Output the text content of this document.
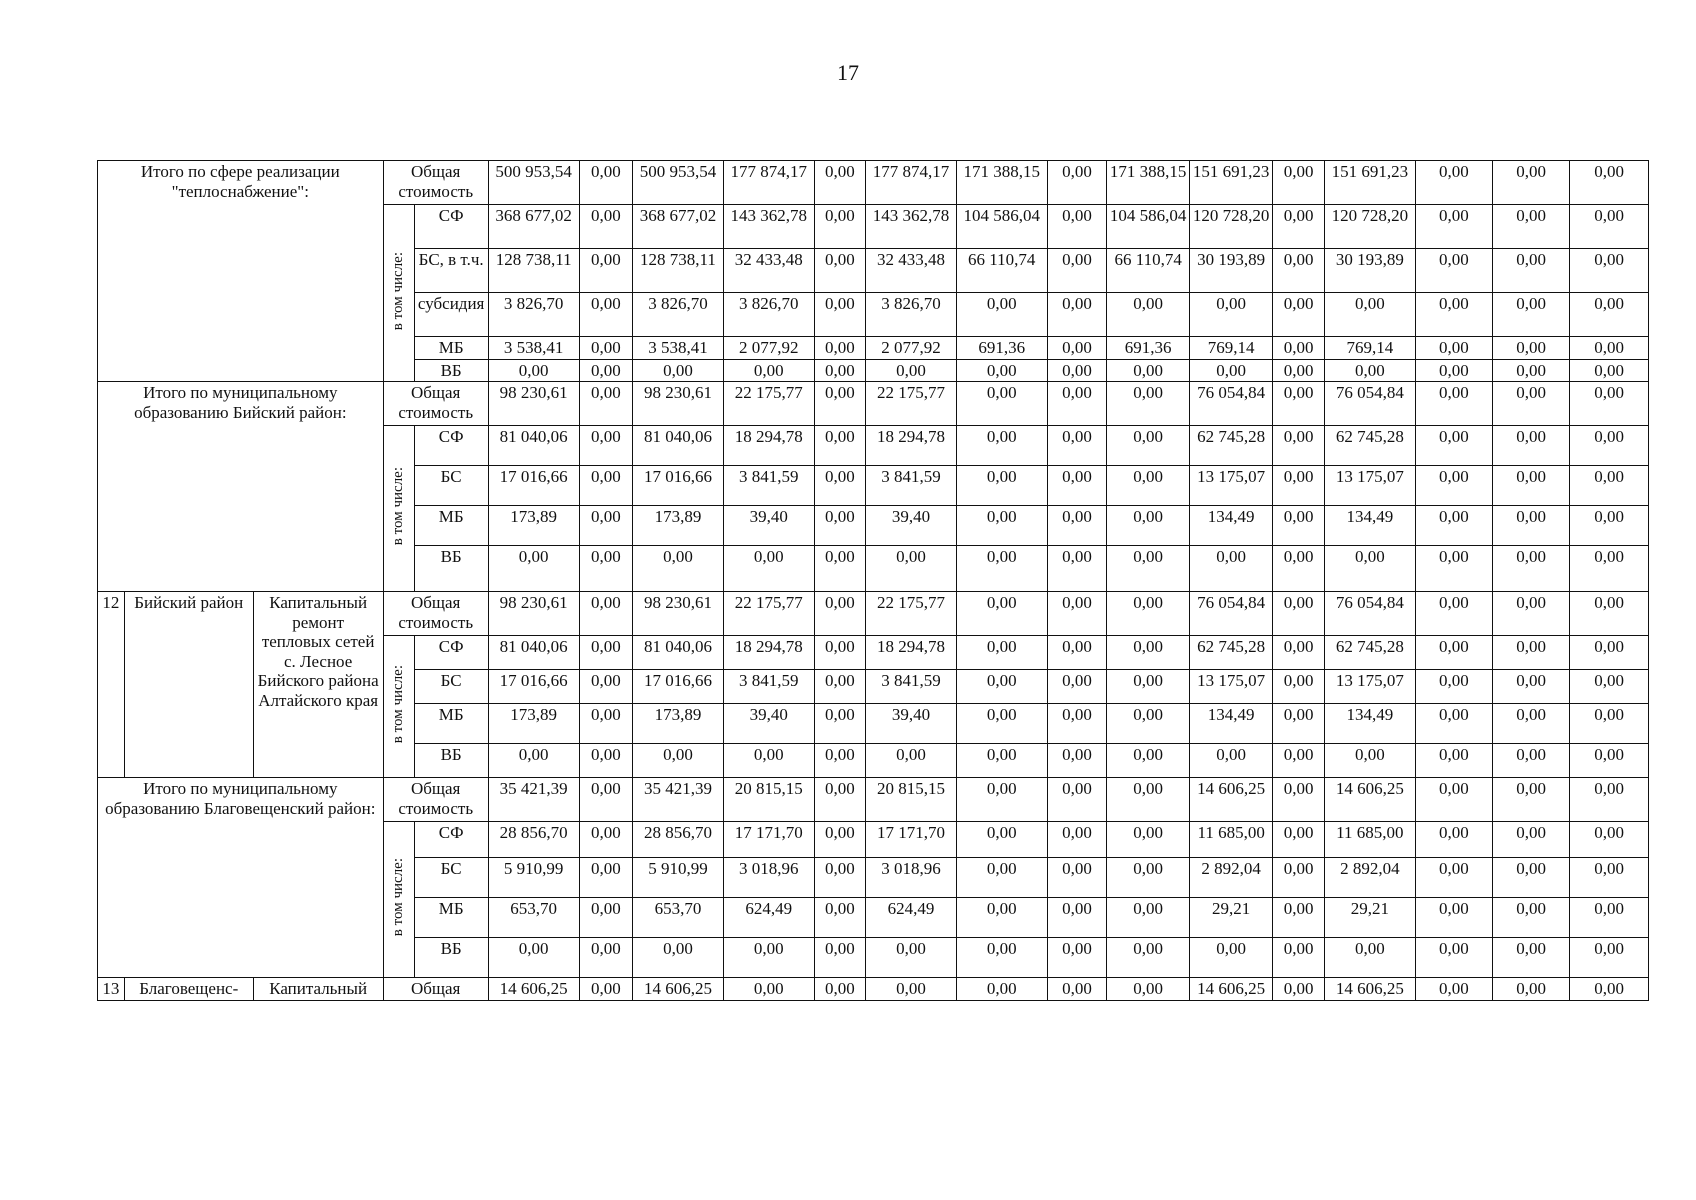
17
Итого по сфере реализации "теплоснабжение":			Общая стоимость		500 953,54	0,00	500 953,54	177 874,17	0,00	177 874,17	171 388,15	0,00	171 388,15	151 691,23	0,00	151 691,23	0,00	0,00	0,00
			в том числе:	СФ	368 677,02	0,00	368 677,02	143 362,78	0,00	143 362,78	104 586,04	0,00	104 586,04	120 728,20	0,00	120 728,20	0,00	0,00	0,00
				БС, в т.ч.	128 738,11	0,00	128 738,11	32 433,48	0,00	32 433,48	66 110,74	0,00	66 110,74	30 193,89	0,00	30 193,89	0,00	0,00	0,00
				субсидия	3 826,70	0,00	3 826,70	3 826,70	0,00	3 826,70	0,00	0,00	0,00	0,00	0,00	0,00	0,00	0,00	0,00
				МБ	3 538,41	0,00	3 538,41	2 077,92	0,00	2 077,92	691,36	0,00	691,36	769,14	0,00	769,14	0,00	0,00	0,00
				ВБ	0,00	0,00	0,00	0,00	0,00	0,00	0,00	0,00	0,00	0,00	0,00	0,00	0,00	0,00	0,00
Итого по муниципальному образованию Бийский район:			Общая стоимость		98 230,61	0,00	98 230,61	22 175,77	0,00	22 175,77	0,00	0,00	0,00	76 054,84	0,00	76 054,84	0,00	0,00	0,00
			в том числе:	СФ	81 040,06	0,00	81 040,06	18 294,78	0,00	18 294,78	0,00	0,00	0,00	62 745,28	0,00	62 745,28	0,00	0,00	0,00
				БС	17 016,66	0,00	17 016,66	3 841,59	0,00	3 841,59	0,00	0,00	0,00	13 175,07	0,00	13 175,07	0,00	0,00	0,00
				МБ	173,89	0,00	173,89	39,40	0,00	39,40	0,00	0,00	0,00	134,49	0,00	134,49	0,00	0,00	0,00
				ВБ	0,00	0,00	0,00	0,00	0,00	0,00	0,00	0,00	0,00	0,00	0,00	0,00	0,00	0,00	0,00
12	Бийский район	Капитальный ремонт тепловых сетей с. Лесное Бийского района Алтайского края	Общая стоимость		98 230,61	0,00	98 230,61	22 175,77	0,00	22 175,77	0,00	0,00	0,00	76 054,84	0,00	76 054,84	0,00	0,00	0,00
			в том числе:	СФ	81 040,06	0,00	81 040,06	18 294,78	0,00	18 294,78	0,00	0,00	0,00	62 745,28	0,00	62 745,28	0,00	0,00	0,00
				БС	17 016,66	0,00	17 016,66	3 841,59	0,00	3 841,59	0,00	0,00	0,00	13 175,07	0,00	13 175,07	0,00	0,00	0,00
				МБ	173,89	0,00	173,89	39,40	0,00	39,40	0,00	0,00	0,00	134,49	0,00	134,49	0,00	0,00	0,00
				ВБ	0,00	0,00	0,00	0,00	0,00	0,00	0,00	0,00	0,00	0,00	0,00	0,00	0,00	0,00	0,00
Итого по муниципальному образованию Благовещенский район:			Общая стоимость		35 421,39	0,00	35 421,39	20 815,15	0,00	20 815,15	0,00	0,00	0,00	14 606,25	0,00	14 606,25	0,00	0,00	0,00
			в том числе:	СФ	28 856,70	0,00	28 856,70	17 171,70	0,00	17 171,70	0,00	0,00	0,00	11 685,00	0,00	11 685,00	0,00	0,00	0,00
				БС	5 910,99	0,00	5 910,99	3 018,96	0,00	3 018,96	0,00	0,00	0,00	2 892,04	0,00	2 892,04	0,00	0,00	0,00
				МБ	653,70	0,00	653,70	624,49	0,00	624,49	0,00	0,00	0,00	29,21	0,00	29,21	0,00	0,00	0,00
				ВБ	0,00	0,00	0,00	0,00	0,00	0,00	0,00	0,00	0,00	0,00	0,00	0,00	0,00	0,00	0,00
13	Благовещенс-	Капитальный	Общая		14 606,25	0,00	14 606,25	0,00	0,00	0,00	0,00	0,00	0,00	14 606,25	0,00	14 606,25	0,00	0,00	0,00
